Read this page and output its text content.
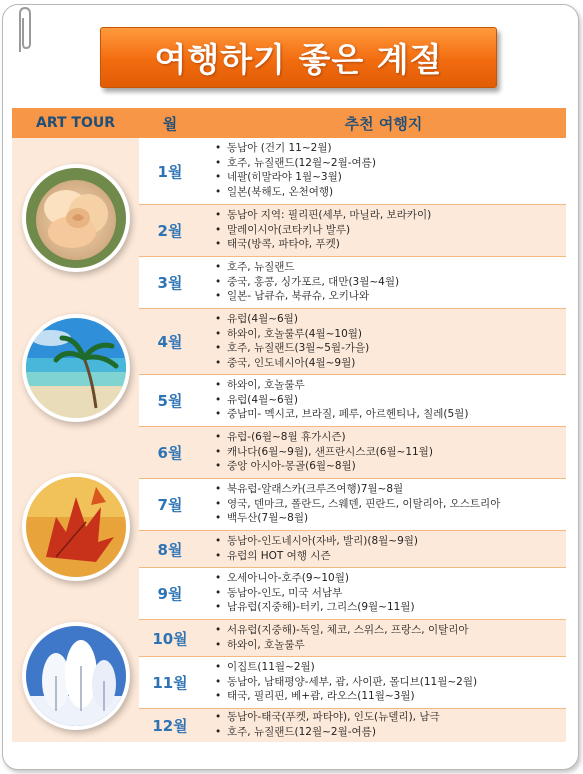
여행하기 좋은 계절
ART TOUR	월	추천 여행지
1월
• 동남아 (건기 11~2월)
• 호주, 뉴질랜드(12월~2월-여름)
• 네팔(히말라야 1월~3월)
• 일본(북해도, 온천여행)
2월
• 동남아 지역: 필리핀(세부, 마닐라, 보라카이)
• 말레이시아(코타키나 발루)
• 태국(방콕, 파타야, 푸켓)
3월
• 호주, 뉴질랜드
• 중국, 홍콩, 싱가포르, 대만(3월~4월)
• 일본- 남큐슈, 북큐슈, 오키나와
4월
• 유럽(4월~6월)
• 하와이, 호놀룰루(4월~10월)
• 호주, 뉴질랜드(3월~5월-가을)
• 중국, 인도네시아(4월~9월)
5월
• 하와이, 호놀룰루
• 유럽(4월~6월)
• 중남미- 멕시코, 브라질, 페루, 아르헨티나, 칠레(5월)
6월
• 유럽-(6월~8월 휴가시즌)
• 캐나다(6월~9월), 샌프란시스코(6월~11월)
• 중앙 아시아-몽골(6월~8월)
7월
• 북유럽-알래스카(크루즈여행)7월~8월
• 영국, 덴마크, 폴란드, 스웨덴, 핀란드, 이탈리아, 오스트리아
• 백두산(7월~8월)
8월	• 동남아-인도네시아(자바, 발리)(8월~9월)
• 유럽의 HOT 여행 시즌
9월
• 오세아니아-호주(9~10월)
• 동남아-인도, 미국 서남부
• 남유럽(지중해)-터키, 그리스(9월~11월)
10월	• 서유럽(지중해)-독일, 체코, 스위스, 프랑스, 이탈리아
• 하와이, 호놀룰루
11월
• 이집트(11월~2월)
• 동남아, 남태평양-세부, 괌, 사이판, 몰디브(11월~2월)
• 태국, 필리핀, 베+괌, 라오스(11월~3월)
12월	• 동남아-태국(푸켓, 파타야), 인도(뉴델리), 남극
• 호주, 뉴질랜드(12월~2월-여름)
